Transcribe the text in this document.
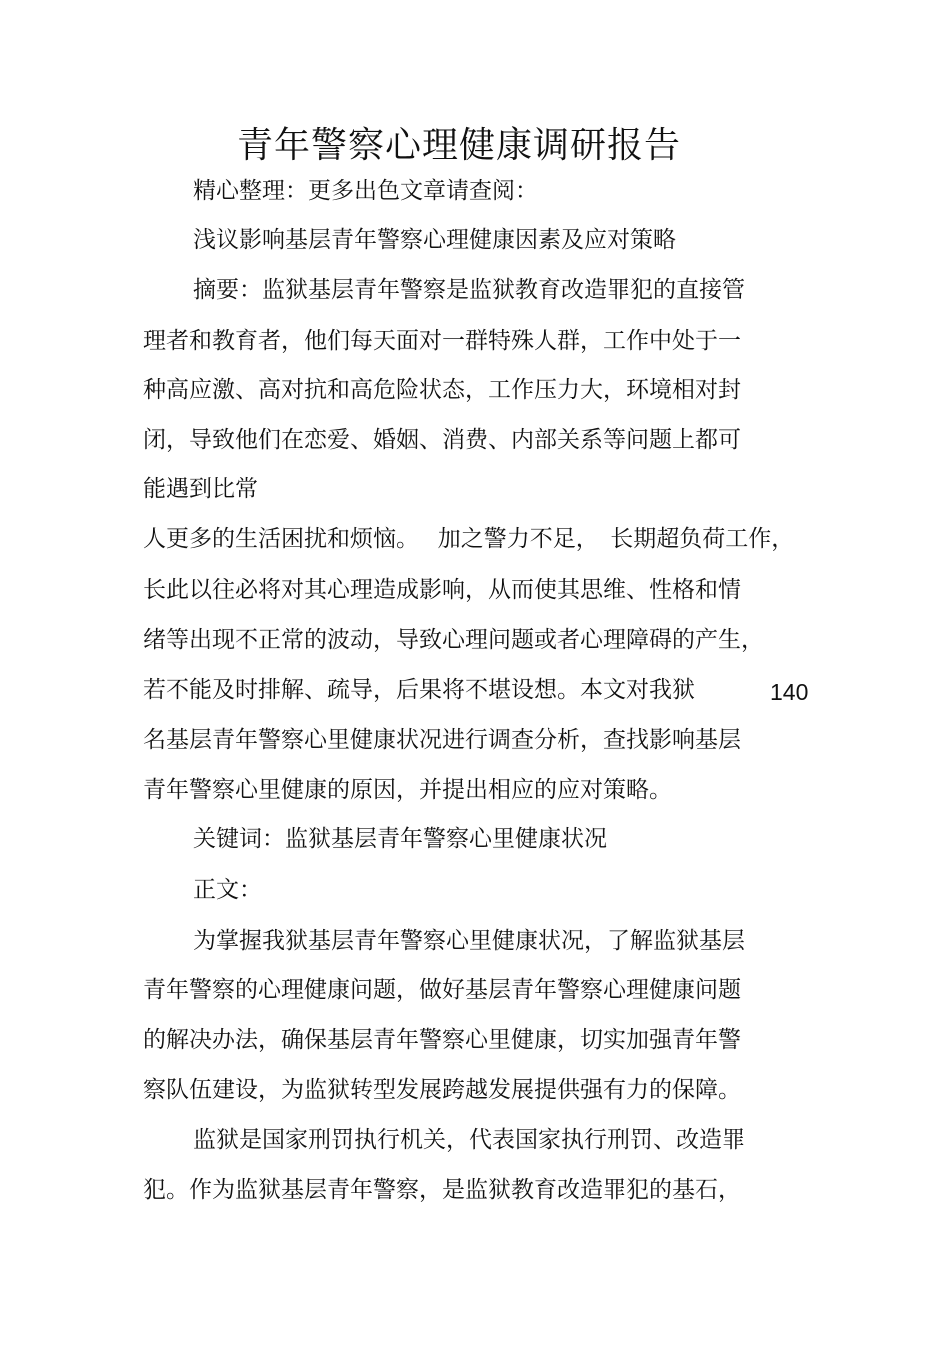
青年警察心理健康调研报告
精心整理：更多出色文章请查阅：
浅议影响基层青年警察心理健康因素及应对策略
摘要：监狱基层青年警察是监狱教育改造罪犯的直接管
理者和教育者，他们每天面对一群特殊人群，工作中处于一
种高应激、高对抗和高危险状态，工作压力大，环境相对封
闭，导致他们在恋爱、婚姻、消费、内部关系等问题上都可
能遇到比常
人更多的生活困扰和烦恼。　 加之警力不足，　长期超负荷工作，
长此以往必将对其心理造成影响，从而使其思维、性格和情
绪等出现不正常的波动，导致心理问题或者心理障碍的产生，
若不能及时排解、疏导，后果将不堪设想。本文对我狱	140
名基层青年警察心里健康状况进行调查分析，查找影响基层
青年警察心里健康的原因，并提出相应的应对策略。
关键词：监狱基层青年警察心里健康状况
正文：
为掌握我狱基层青年警察心里健康状况，了解监狱基层
青年警察的心理健康问题，做好基层青年警察心理健康问题
的解决办法，确保基层青年警察心里健康，切实加强青年警
察队伍建设，为监狱转型发展跨越发展提供强有力的保障。
监狱是国家刑罚执行机关，代表国家执行刑罚、改造罪
犯。作为监狱基层青年警察，是监狱教育改造罪犯的基石，
